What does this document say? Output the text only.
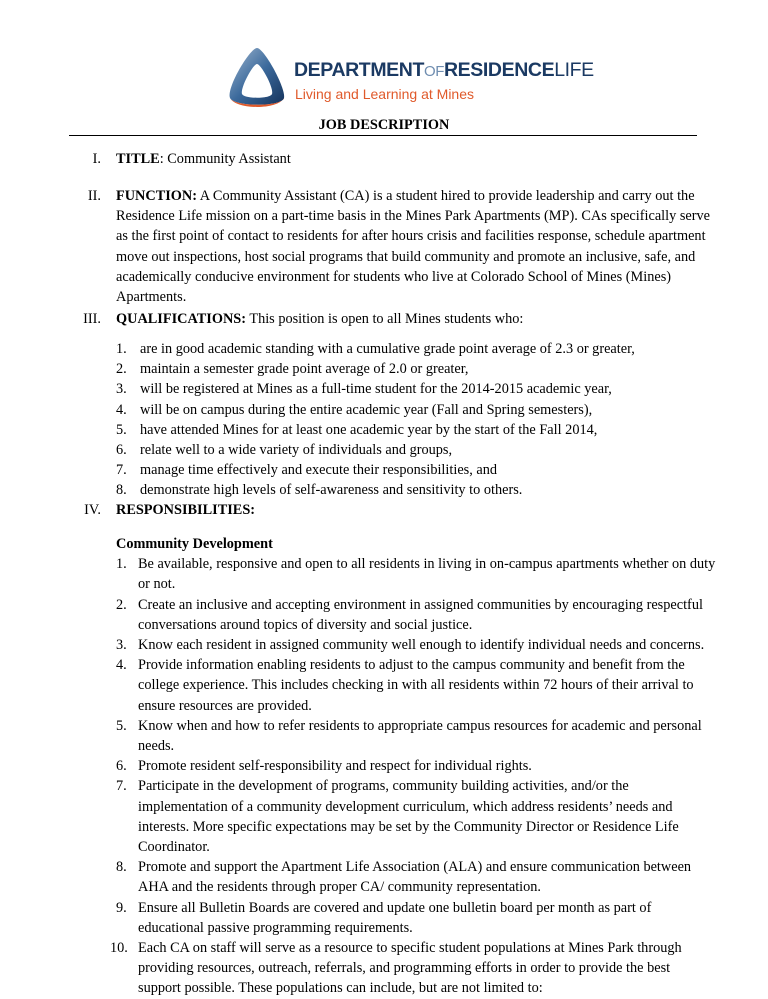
DEPARTMENTOFRESIDENCELIFE
Living and Learning at Mines
JOB DESCRIPTION
I. TITLE: Community Assistant
II. FUNCTION: A Community Assistant (CA) is a student hired to provide leadership and carry out the Residence Life mission on a part-time basis in the Mines Park Apartments (MP). CAs specifically serve as the first point of contact to residents for after hours crisis and facilities response, schedule apartment move out inspections, host social programs that build community and promote an inclusive, safe, and academically conducive environment for students who live at Colorado School of Mines (Mines) Apartments.
III. QUALIFICATIONS: This position is open to all Mines students who:
1. are in good academic standing with a cumulative grade point average of 2.3 or greater,
2. maintain a semester grade point average of 2.0 or greater,
3. will be registered at Mines as a full-time student for the 2014-2015 academic year,
4. will be on campus during the entire academic year (Fall and Spring semesters),
5. have attended Mines for at least one academic year by the start of the Fall 2014,
6. relate well to a wide variety of individuals and groups,
7. manage time effectively and execute their responsibilities, and
8. demonstrate high levels of self-awareness and sensitivity to others.
IV. RESPONSIBILITIES:
Community Development
1. Be available, responsive and open to all residents in living in on-campus apartments whether on duty or not.
2. Create an inclusive and accepting environment in assigned communities by encouraging respectful conversations around topics of diversity and social justice.
3. Know each resident in assigned community well enough to identify individual needs and concerns.
4. Provide information enabling residents to adjust to the campus community and benefit from the college experience. This includes checking in with all residents within 72 hours of their arrival to ensure resources are provided.
5. Know when and how to refer residents to appropriate campus resources for academic and personal needs.
6. Promote resident self-responsibility and respect for individual rights.
7. Participate in the development of programs, community building activities, and/or the implementation of a community development curriculum, which address residents’ needs and interests. More specific expectations may be set by the Community Director or Residence Life Coordinator.
8. Promote and support the Apartment Life Association (ALA) and ensure communication between AHA and the residents through proper CA/ community representation.
9. Ensure all Bulletin Boards are covered and update one bulletin board per month as part of educational passive programming requirements.
10. Each CA on staff will serve as a resource to specific student populations at Mines Park through providing resources, outreach, referrals, and programming efforts in order to provide the best support possible. These populations can include, but are not limited to:
